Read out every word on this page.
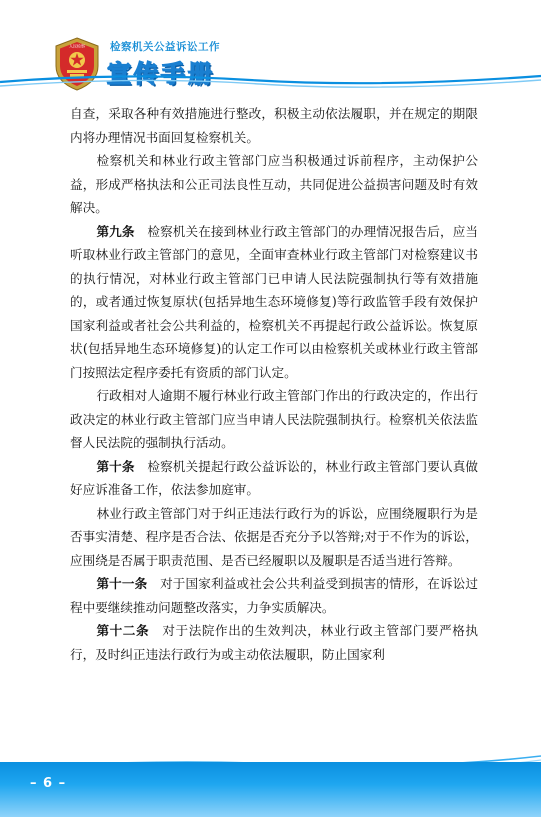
人民检察 检察机关公益诉讼工作
宣传手册

自查，采取各种有效措施进行整改，积极主动依法履职，并在规定的期限内将办理情况书面回复检察机关。

检察机关和林业行政主管部门应当积极通过诉前程序，主动保护公益，形成严格执法和公正司法良性互动，共同促进公益损害问题及时有效解决。

第九条　检察机关在接到林业行政主管部门的办理情况报告后，应当听取林业行政主管部门的意见，全面审查林业行政主管部门对检察建议书的执行情况，对林业行政主管部门已申请人民法院强制执行等有效措施的，或者通过恢复原状(包括异地生态环境修复)等行政监管手段有效保护国家利益或者社会公共利益的，检察机关不再提起行政公益诉讼。恢复原状(包括异地生态环境修复)的认定工作可以由检察机关或林业行政主管部门按照法定程序委托有资质的部门认定。

行政相对人逾期不履行林业行政主管部门作出的行政决定的，作出行政决定的林业行政主管部门应当申请人民法院强制执行。检察机关依法监督人民法院的强制执行活动。

第十条　检察机关提起行政公益诉讼的，林业行政主管部门要认真做好应诉准备工作，依法参加庭审。

林业行政主管部门对于纠正违法行政行为的诉讼，应围绕履职行为是否事实清楚、程序是否合法、依据是否充分予以答辩;对于不作为的诉讼，应围绕是否属于职责范围、是否已经履职以及履职是否适当进行答辩。

第十一条　对于国家利益或社会公共利益受到损害的情形，在诉讼过程中要继续推动问题整改落实，力争实质解决。

第十二条　对于法院作出的生效判决，林业行政主管部门要严格执行，及时纠正违法行政行为或主动依法履职，防止国家利

– 6 –
